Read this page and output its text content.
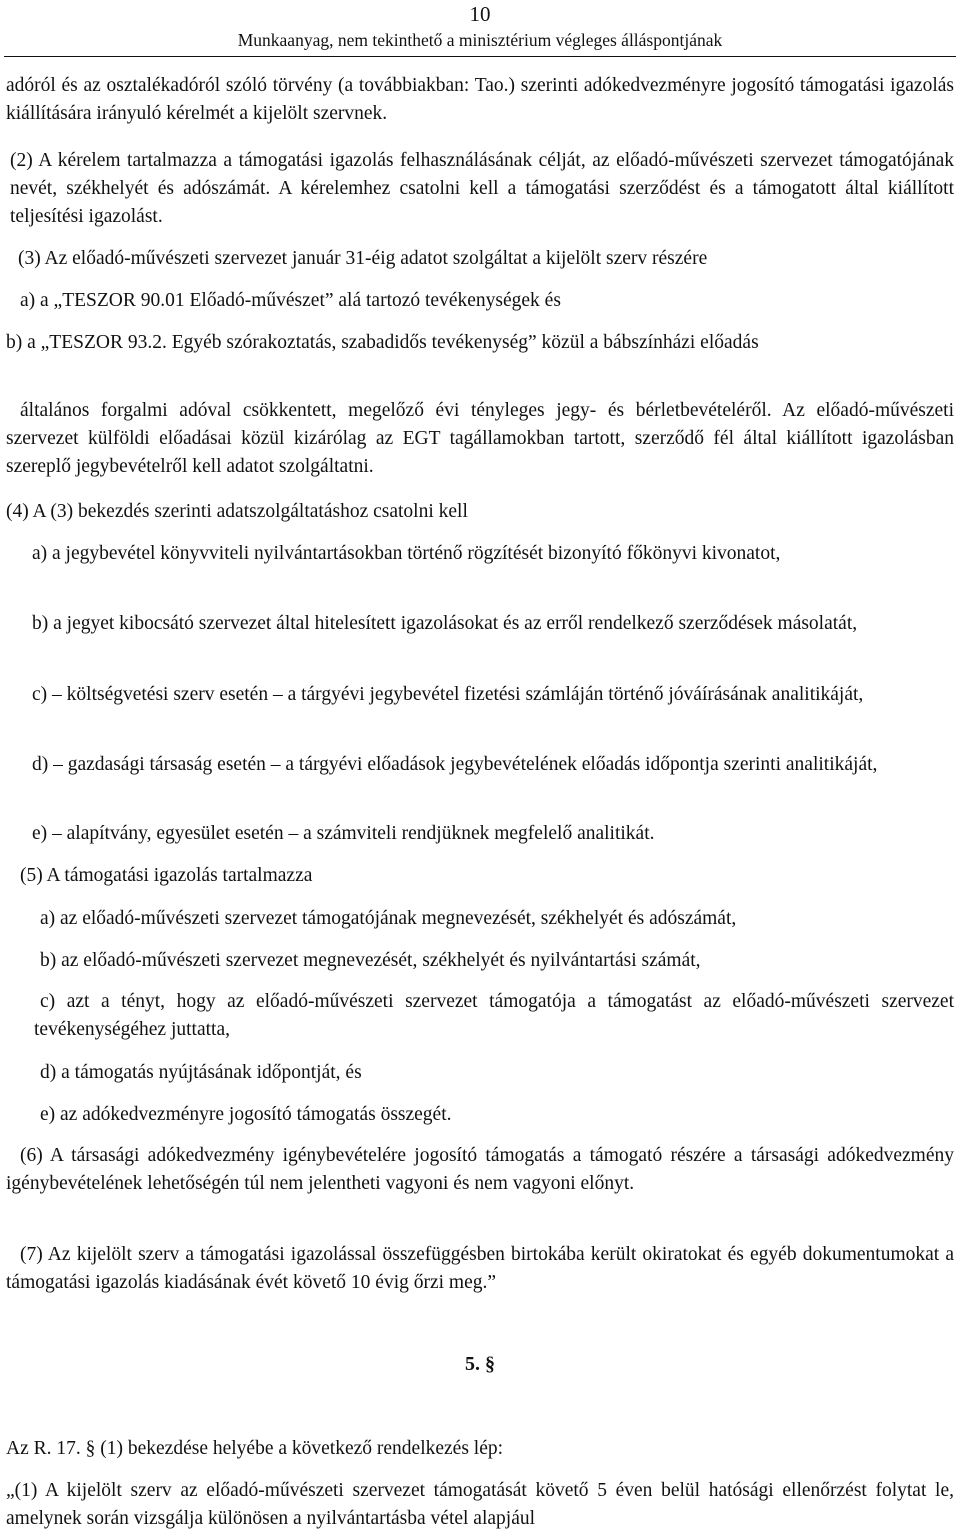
10
Munkaanyag, nem tekinthető a minisztérium végleges álláspontjának
adóról és az osztalékadóról szóló törvény (a továbbiakban: Tao.) szerinti adókedvezményre jogosító támogatási igazolás kiállítására irányuló kérelmét a kijelölt szervnek.
(2) A kérelem tartalmazza a támogatási igazolás felhasználásának célját, az előadó-művészeti szervezet támogatójának nevét, székhelyét és adószámát. A kérelemhez csatolni kell a támogatási szerződést és a támogatott által kiállított teljesítési igazolást.
(3) Az előadó-művészeti szervezet január 31-éig adatot szolgáltat a kijelölt szerv részére
a) a „TESZOR 90.01 Előadó-művészet” alá tartozó tevékenységek és
b) a „TESZOR 93.2. Egyéb szórakoztatás, szabadidős tevékenység” közül a bábszínházi előadás
általános forgalmi adóval csökkentett, megelőző évi tényleges jegy- és bérletbevételéről. Az előadó-művészeti szervezet külföldi előadásai közül kizárólag az EGT tagállamokban tartott, szerződő fél által kiállított igazolásban szereplő jegybevételről kell adatot szolgáltatni.
(4) A (3) bekezdés szerinti adatszolgáltatáshoz csatolni kell
a) a jegybevétel könyvviteli nyilvántartásokban történő rögzítését bizonyító főkönyvi kivonatot,
b) a jegyet kibocsátó szervezet által hitelesített igazolásokat és az erről rendelkező szerződések másolatát,
c) – költségvetési szerv esetén – a tárgyévi jegybevétel fizetési számláján történő jóváírásának analitikáját,
d) – gazdasági társaság esetén – a tárgyévi előadások jegybevételének előadás időpontja szerinti analitikáját,
e) – alapítvány, egyesület esetén – a számviteli rendjüknek megfelelő analitikát.
(5) A támogatási igazolás tartalmazza
a) az előadó-művészeti szervezet támogatójának megnevezését, székhelyét és adószámát,
b) az előadó-művészeti szervezet megnevezését, székhelyét és nyilvántartási számát,
c) azt a tényt, hogy az előadó-művészeti szervezet támogatója a támogatást az előadó-művészeti szervezet tevékenységéhez juttatta,
d) a támogatás nyújtásának időpontját, és
e) az adókedvezményre jogosító támogatás összegét.
(6) A társasági adókedvezmény igénybevételére jogosító támogatás a támogató részére a társasági adókedvezmény igénybevételének lehetőségén túl nem jelentheti vagyoni és nem vagyoni előnyt.
(7) Az kijelölt szerv a támogatási igazolással összefüggésben birtokába került okiratokat és egyéb dokumentumokat a támogatási igazolás kiadásának évét követő 10 évig őrzi meg.”
5. §
Az R. 17. § (1) bekezdése helyébe a következő rendelkezés lép:
„(1) A kijelölt szerv az előadó-művészeti szervezet támogatását követő 5 éven belül hatósági ellenőrzést folytat le, amelynek során vizsgálja különösen a nyilvántartásba vétel alapjául
